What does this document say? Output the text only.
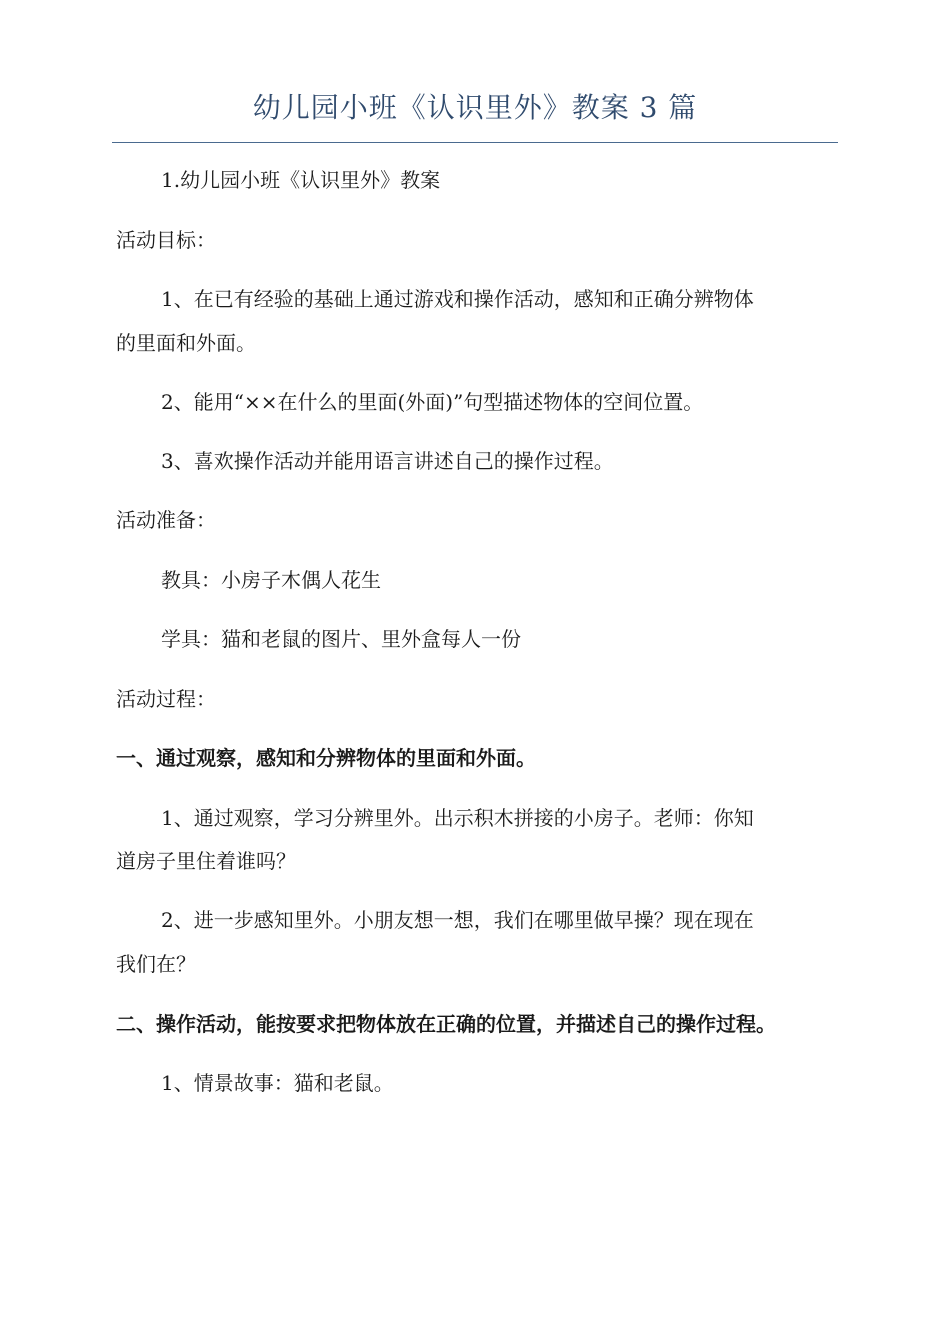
幼儿园小班《认识里外》教案 3 篇
1.幼儿园小班《认识里外》教案
活动目标：
1、在已有经验的基础上通过游戏和操作活动，感知和正确分辨物体
的里面和外面。
2、能用“××在什么的里面(外面)”句型描述物体的空间位置。
3、喜欢操作活动并能用语言讲述自己的操作过程。
活动准备：
教具：小房子木偶人花生
学具：猫和老鼠的图片、里外盒每人一份
活动过程：
一、通过观察，感知和分辨物体的里面和外面。
1、通过观察，学习分辨里外。出示积木拼接的小房子。老师：你知
道房子里住着谁吗？
2、进一步感知里外。小朋友想一想，我们在哪里做早操？现在现在
我们在？
二、操作活动，能按要求把物体放在正确的位置，并描述自己的操作过程。
1、情景故事：猫和老鼠。
